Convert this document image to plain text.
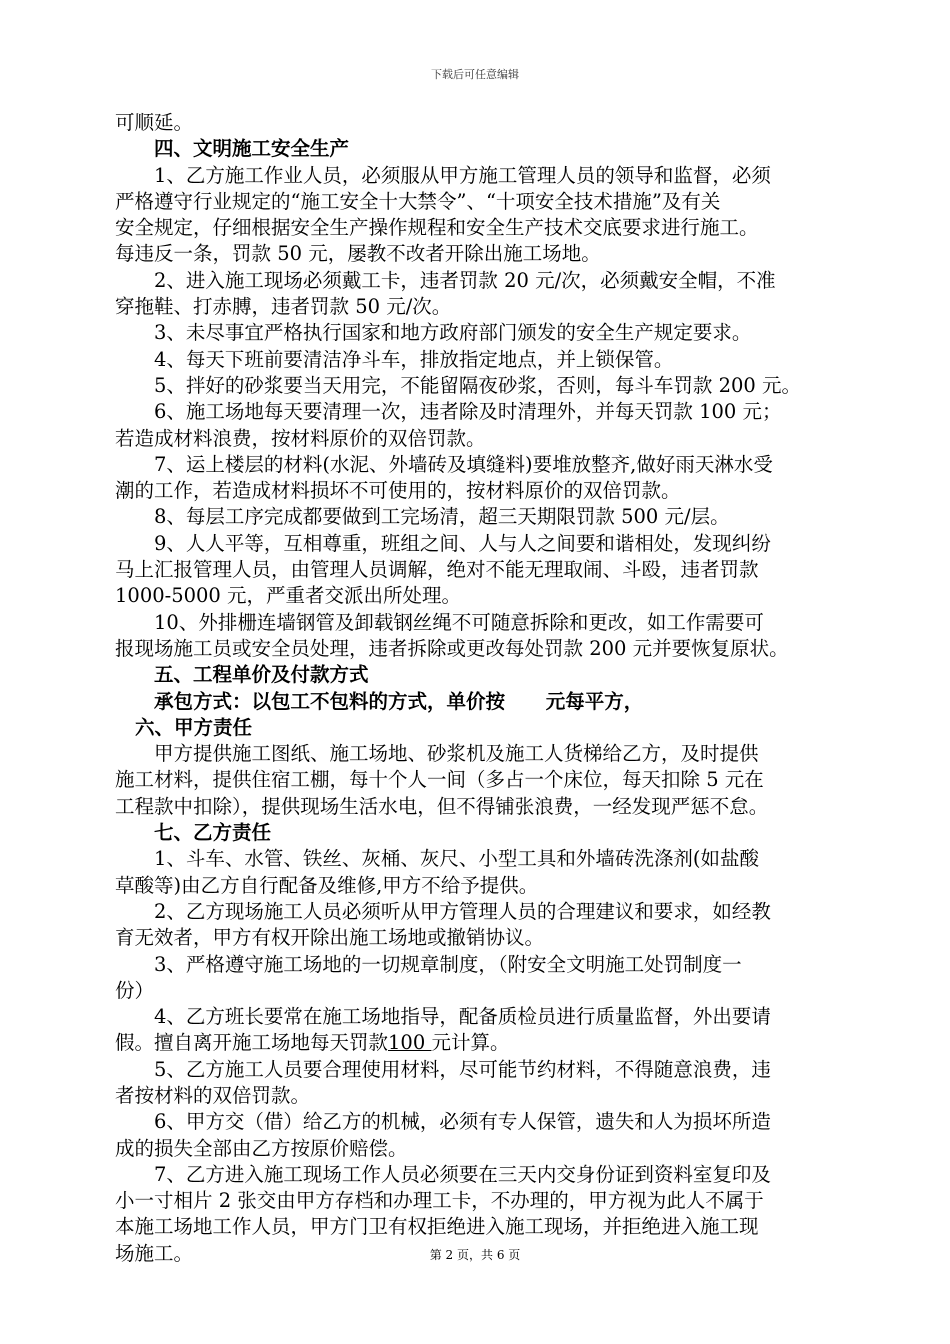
下载后可任意编辑
可顺延。
四、文明施工安全生产
1、乙方施工作业人员，必须服从甲方施工管理人员的领导和监督，必须
严格遵守行业规定的“施工安全十大禁令”、“十项安全技术措施”及有关
安全规定，仔细根据安全生产操作规程和安全生产技术交底要求进行施工。
每违反一条，罚款 50 元，屡教不改者开除出施工场地。
2、进入施工现场必须戴工卡，违者罚款 20 元/次，必须戴安全帽，不准
穿拖鞋、打赤膊，违者罚款 50 元/次。
3、未尽事宜严格执行国家和地方政府部门颁发的安全生产规定要求。
4、每天下班前要清洁净斗车，排放指定地点，并上锁保管。
5、拌好的砂浆要当天用完，不能留隔夜砂浆，否则，每斗车罚款 200 元。
6、施工场地每天要清理一次，违者除及时清理外，并每天罚款 100 元；
若造成材料浪费，按材料原价的双倍罚款。
7、运上楼层的材料(水泥、外墙砖及填缝料)要堆放整齐,做好雨天淋水受
潮的工作，若造成材料损坏不可使用的，按材料原价的双倍罚款。
8、每层工序完成都要做到工完场清，超三天期限罚款 500 元/层。
9、人人平等，互相尊重，班组之间、人与人之间要和谐相处，发现纠纷
马上汇报管理人员，由管理人员调解，绝对不能无理取闹、斗殴，违者罚款
1000-5000 元，严重者交派出所处理。
10、外排栅连墙钢管及卸载钢丝绳不可随意拆除和更改，如工作需要可
报现场施工员或安全员处理，违者拆除或更改每处罚款 200 元并要恢复原状。
五、工程单价及付款方式
承包方式：以包工不包料的方式，单价按      元每平方，
六、甲方责任
甲方提供施工图纸、施工场地、砂浆机及施工人货梯给乙方，及时提供
施工材料，提供住宿工棚，每十个人一间（多占一个床位，每天扣除 5 元在
工程款中扣除），提供现场生活水电，但不得铺张浪费，一经发现严惩不怠。
七、乙方责任
1、斗车、水管、铁丝、灰桶、灰尺、小型工具和外墙砖洗涤剂(如盐酸
草酸等)由乙方自行配备及维修,甲方不给予提供。
2、乙方现场施工人员必须听从甲方管理人员的合理建议和要求，如经教
育无效者，甲方有权开除出施工场地或撤销协议。
3、严格遵守施工场地的一切规章制度，（附安全文明施工处罚制度一
份）
4、乙方班长要常在施工场地指导，配备质检员进行质量监督，外出要请
假。擅自离开施工场地每天罚款100 元计算。
5、乙方施工人员要合理使用材料，尽可能节约材料，不得随意浪费，违
者按材料的双倍罚款。
6、甲方交（借）给乙方的机械，必须有专人保管，遗失和人为损坏所造
成的损失全部由乙方按原价赔偿。
7、乙方进入施工现场工作人员必须要在三天内交身份证到资料室复印及
小一寸相片 2 张交由甲方存档和办理工卡，不办理的，甲方视为此人不属于
本施工场地工作人员，甲方门卫有权拒绝进入施工现场，并拒绝进入施工现
场施工。	第 2 页，共 6 页
